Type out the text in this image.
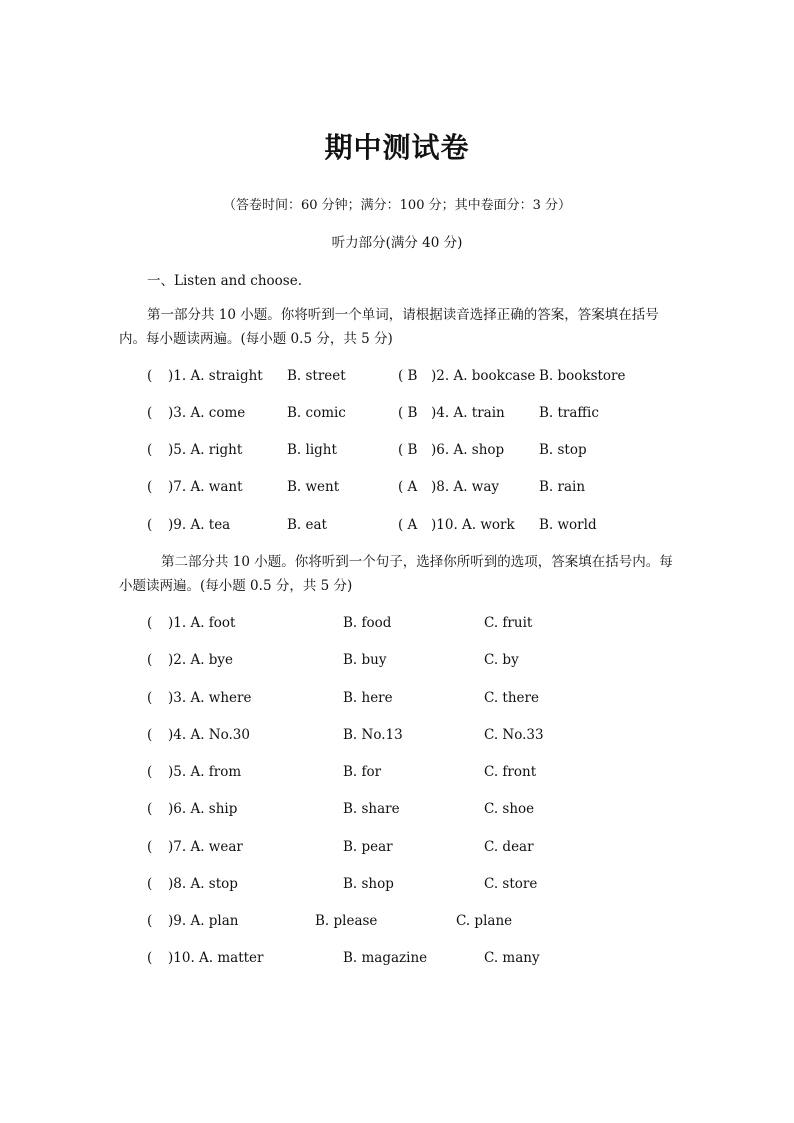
期中测试卷
（答卷时间：60 分钟；满分：100 分；其中卷面分：3 分）
听力部分(满分 40 分)
一、Listen and choose.
第一部分共 10 小题。你将听到一个单词，请根据读音选择正确的答案，答案填在括号内。每小题读两遍。(每小题 0.5 分，共 5 分)
( )1. A. straight B. street	( B )2. A. bookcase B. bookstore
( )3. A. come	B. comic	( B )4. A. train	B. traffic
( )5. A. right	B. light	( B )6. A. shop	B. stop
( )7. A. want	B. went	( A )8. A. way	B. rain
( )9. A. tea	B. eat	( A )10. A. work B. world
第二部分共 10 小题。你将听到一个句子，选择你所听到的选项，答案填在括号内。每小题读两遍。(每小题 0.5 分，共 5 分)
( )1. A. foot	B. food	C. fruit
( )2. A. bye	B. buy	C. by
( )3. A. where	B. here	C. there
( )4. A. No.30	B. No.13	C. No.33
( )5. A. from	B. for	C. front
( )6. A. ship	B. share	C. shoe
( )7. A. wear	B. pear	C. dear
( )8. A. stop	B. shop	C. store
( )9. A. plan	B. please	C. plane
( )10. A. matter	B. magazine	C. many
